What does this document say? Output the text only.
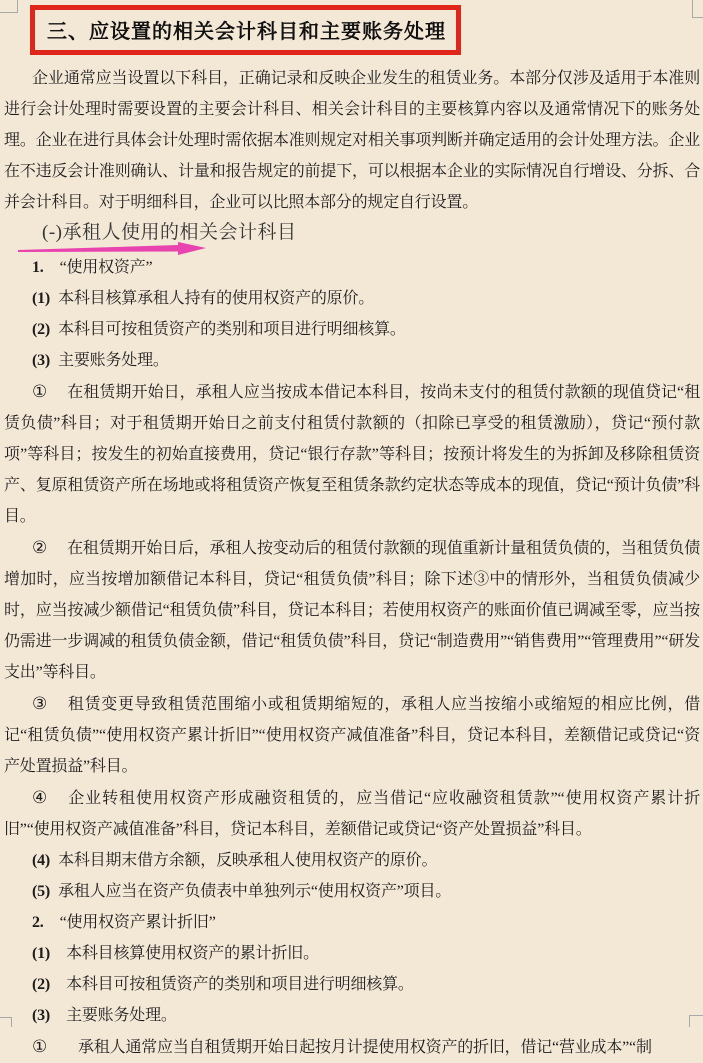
三、应设置的相关会计科目和主要账务处理

企业通常应当设置以下科目，正确记录和反映企业发生的租赁业务。本部分仅涉及适用于本准则进行会计处理时需要设置的主要会计科目、相关会计科目的主要核算内容以及通常情况下的账务处理。企业在进行具体会计处理时需依据本准则规定对相关事项判断并确定适用的会计处理方法。企业在不违反会计准则确认、计量和报告规定的前提下，可以根据本企业的实际情况自行增设、分拆、合并会计科目。对于明细科目，企业可以比照本部分的规定自行设置。

(-)承租人使用的相关会计科目

1. “使用权资产”

(1) 本科目核算承租人持有的使用权资产的原价。

(2) 本科目可按租赁资产的类别和项目进行明细核算。

(3) 主要账务处理。

① 在租赁期开始日，承租人应当按成本借记本科目，按尚未支付的租赁付款额的现值贷记“租赁负债”科目；对于租赁期开始日之前支付租赁付款额的（扣除已享受的租赁激励），贷记“预付款项”等科目；按发生的初始直接费用，贷记“银行存款”等科目；按预计将发生的为拆卸及移除租赁资产、复原租赁资产所在场地或将租赁资产恢复至租赁条款约定状态等成本的现值，贷记“预计负债”科目。

② 在租赁期开始日后，承租人按变动后的租赁付款额的现值重新计量租赁负债的，当租赁负债增加时，应当按增加额借记本科目，贷记“租赁负债”科目；除下述③中的情形外，当租赁负债减少时，应当按减少额借记“租赁负债”科目，贷记本科目；若使用权资产的账面价值已调减至零，应当按仍需进一步调减的租赁负债金额，借记“租赁负债”科目，贷记“制造费用”“销售费用”“管理费用”“研发支出”等科目。

③ 租赁变更导致租赁范围缩小或租赁期缩短的，承租人应当按缩小或缩短的相应比例，借记“租赁负债”“使用权资产累计折旧”“使用权资产减值准备”科目，贷记本科目，差额借记或贷记“资产处置损益”科目。

④ 企业转租使用权资产形成融资租赁的，应当借记“应收融资租赁款”“使用权资产累计折旧”“使用权资产减值准备”科目，贷记本科目，差额借记或贷记“资产处置损益”科目。

(4) 本科目期末借方余额，反映承租人使用权资产的原价。

(5) 承租人应当在资产负债表中单独列示“使用权资产”项目。

2. “使用权资产累计折旧”

(1) 本科目核算使用权资产的累计折旧。

(2) 本科目可按租赁资产的类别和项目进行明细核算。

(3) 主要账务处理。

① 承租人通常应当自租赁期开始日起按月计提使用权资产的折旧，借记“营业成本”“制
